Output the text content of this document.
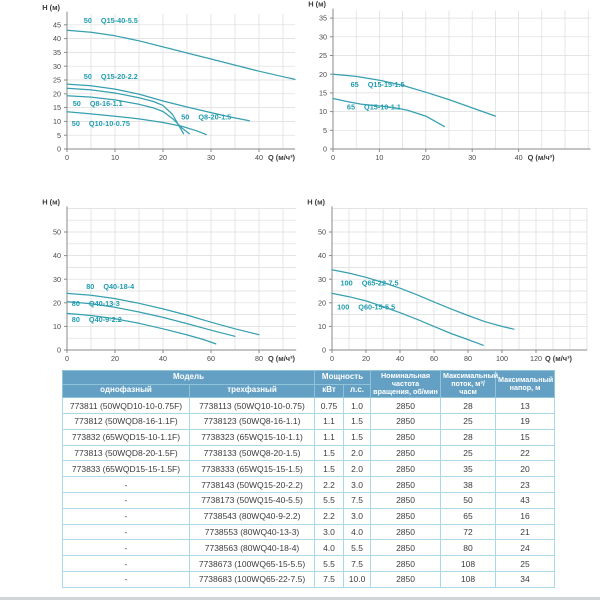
0
5
10
15
20
25
30
35
40
45
0	10	20	30	40
H (м)
Q (м/ч³)
50 Q15-40-5.5
50 Q15-20-2.2
50 Q8-20-1.5
50 Q8-16-1.1
50 Q10-10-0.75
0
5
10
15
20
25
30
35
0	10	20	30	40
H (м)
Q (м/ч³)
65 Q15-15-1.5
65 Q15-10-1.1
0
10
20
30
40
50
0	20	40	60	80
H (м)
Q (м/ч³)
80 Q40-18-4
80 Q40-13-3
80 Q40-9-2.2
0
10
20
30
40
50
0	20	40	60	80	100	120
H (м)
Q (м/ч³)
100 Q65-22-7.5
100 Q60-15-5.5
Модель		Мощность		Номинальная частота вращения, об/мин	Максимальный поток, м³/часм	Максимальный напор, м
однофазный	трехфазный	кВт	л.с.			
773811 (50WQD10-10-0.75F)	7738113 (50WQ10-10-0.75)	0.75	1.0	2850	28	13
773812 (50WQD8-16-1.1F)	7738123 (50WQ8-16-1.1)	1.1	1.5	2850	25	19
773832 (65WQD15-10-1.1F)	7738323 (65WQ15-10-1.1)	1.1	1.5	2850	28	15
773813 (50WQD8-20-1.5F)	7738133 (50WQ8-20-1.5)	1.5	2.0	2850	25	22
773833 (65WQD15-15-1.5F)	7738333 (65WQ15-15-1.5)	1.5	2.0	2850	35	20
-	7738143 (50WQ15-20-2.2)	2.2	3.0	2850	38	23
-	7738173 (50WQ15-40-5.5)	5.5	7.5	2850	50	43
-	7738543 (80WQ40-9-2.2)	2.2	3.0	2850	65	16
-	7738553 (80WQ40-13-3)	3.0	4.0	2850	72	21
-	7738563 (80WQ40-18-4)	4.0	5.5	2850	80	24
-	7738673 (100WQ65-15-5.5)	5.5	7.5	2850	108	25
-	7738683 (100WQ65-22-7.5)	7.5	10.0	2850	108	34
